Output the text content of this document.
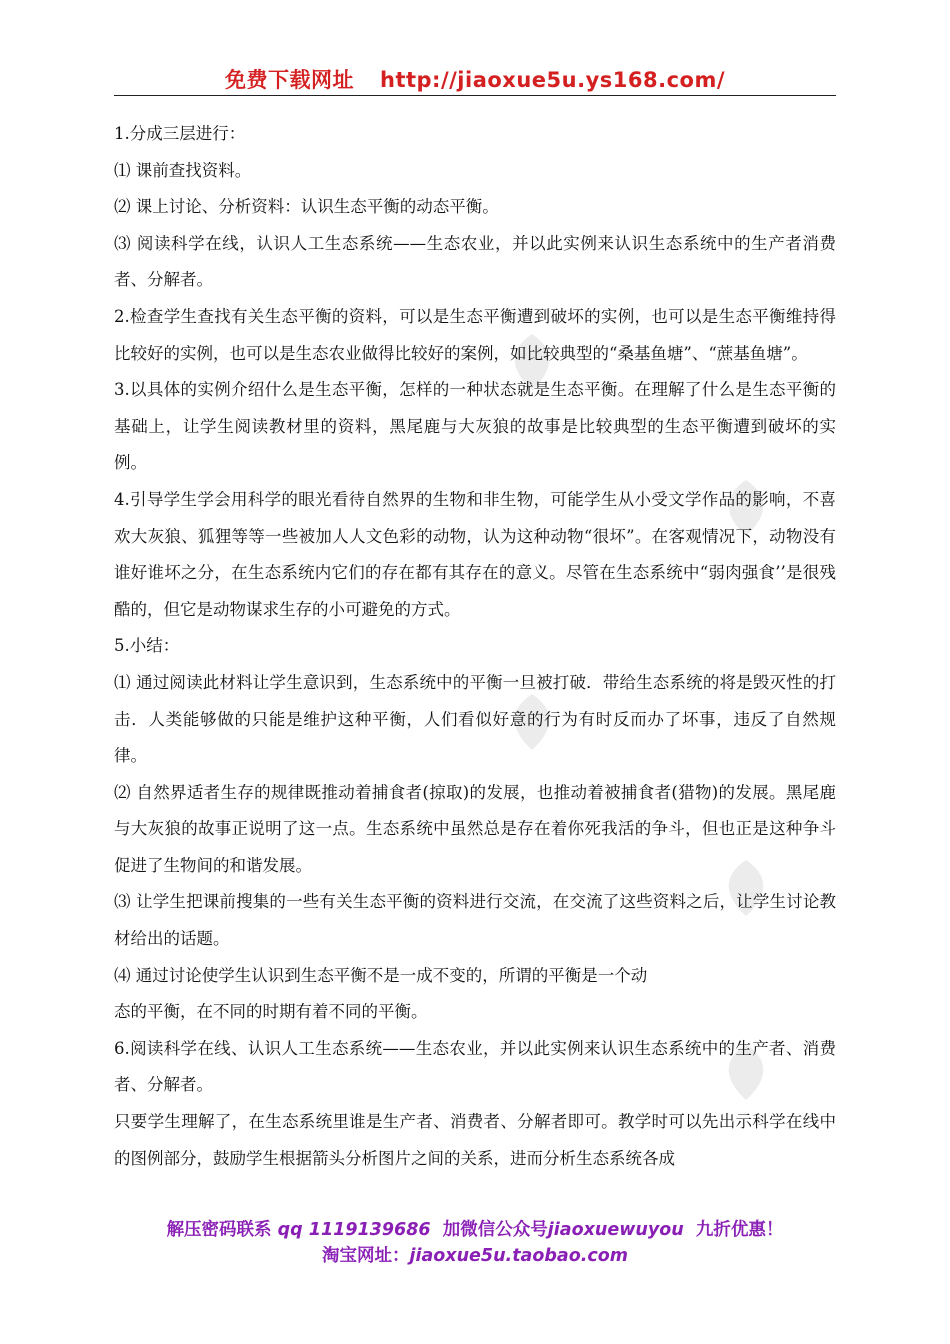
免费下载网址 http://jiaoxue5u.ys168.com/

1.分成三层进行：

⑴ 课前查找资料。

⑵ 课上讨论、分析资料：认识生态平衡的动态平衡。

⑶ 阅读科学在线，认识人工生态系统——生态农业，并以此实例来认识生态系统中的生产者消费者、分解者。

2.检查学生查找有关生态平衡的资料，可以是生态平衡遭到破坏的实例，也可以是生态平衡维持得比较好的实例，也可以是生态农业做得比较好的案例，如比较典型的“桑基鱼塘”、“蔗基鱼塘”。

3.以具体的实例介绍什么是生态平衡，怎样的一种状态就是生态平衡。在理解了什么是生态平衡的基础上，让学生阅读教材里的资料，黑尾鹿与大灰狼的故事是比较典型的生态平衡遭到破坏的实例。

4.引导学生学会用科学的眼光看待自然界的生物和非生物，可能学生从小受文学作品的影响，不喜欢大灰狼、狐狸等等一些被加人人文色彩的动物，认为这种动物“很坏”。在客观情况下，动物没有谁好谁坏之分，在生态系统内它们的存在都有其存在的意义。尽管在生态系统中“弱肉强食’’是很残酷的，但它是动物谋求生存的小可避免的方式。

5.小结：

⑴ 通过阅读此材料让学生意识到，生态系统中的平衡一旦被打破．带给生态系统的将是毁灭性的打击．人类能够做的只能是维护这种平衡，人们看似好意的行为有时反而办了坏事，违反了自然规律。

⑵ 自然界适者生存的规律既推动着捕食者(掠取)的发展，也推动着被捕食者(猎物)的发展。黑尾鹿与大灰狼的故事正说明了这一点。生态系统中虽然总是存在着你死我活的争斗，但也正是这种争斗促进了生物间的和谐发展。

⑶ 让学生把课前搜集的一些有关生态平衡的资料进行交流，在交流了这些资料之后，让学生讨论教材给出的话题。

⑷ 通过讨论使学生认识到生态平衡不是一成不变的，所谓的平衡是一个动

态的平衡，在不同的时期有着不同的平衡。

6.阅读科学在线、认识人工生态系统——生态农业，并以此实例来认识生态系统中的生产者、消费者、分解者。

只要学生理解了，在生态系统里谁是生产者、消费者、分解者即可。教学时可以先出示科学在线中的图例部分，鼓励学生根据箭头分析图片之间的关系，进而分析生态系统各成

解压密码联系 qq 1119139686 加微信公众号jiaoxuewuyou 九折优惠！
淘宝网址：jiaoxue5u.taobao.com
